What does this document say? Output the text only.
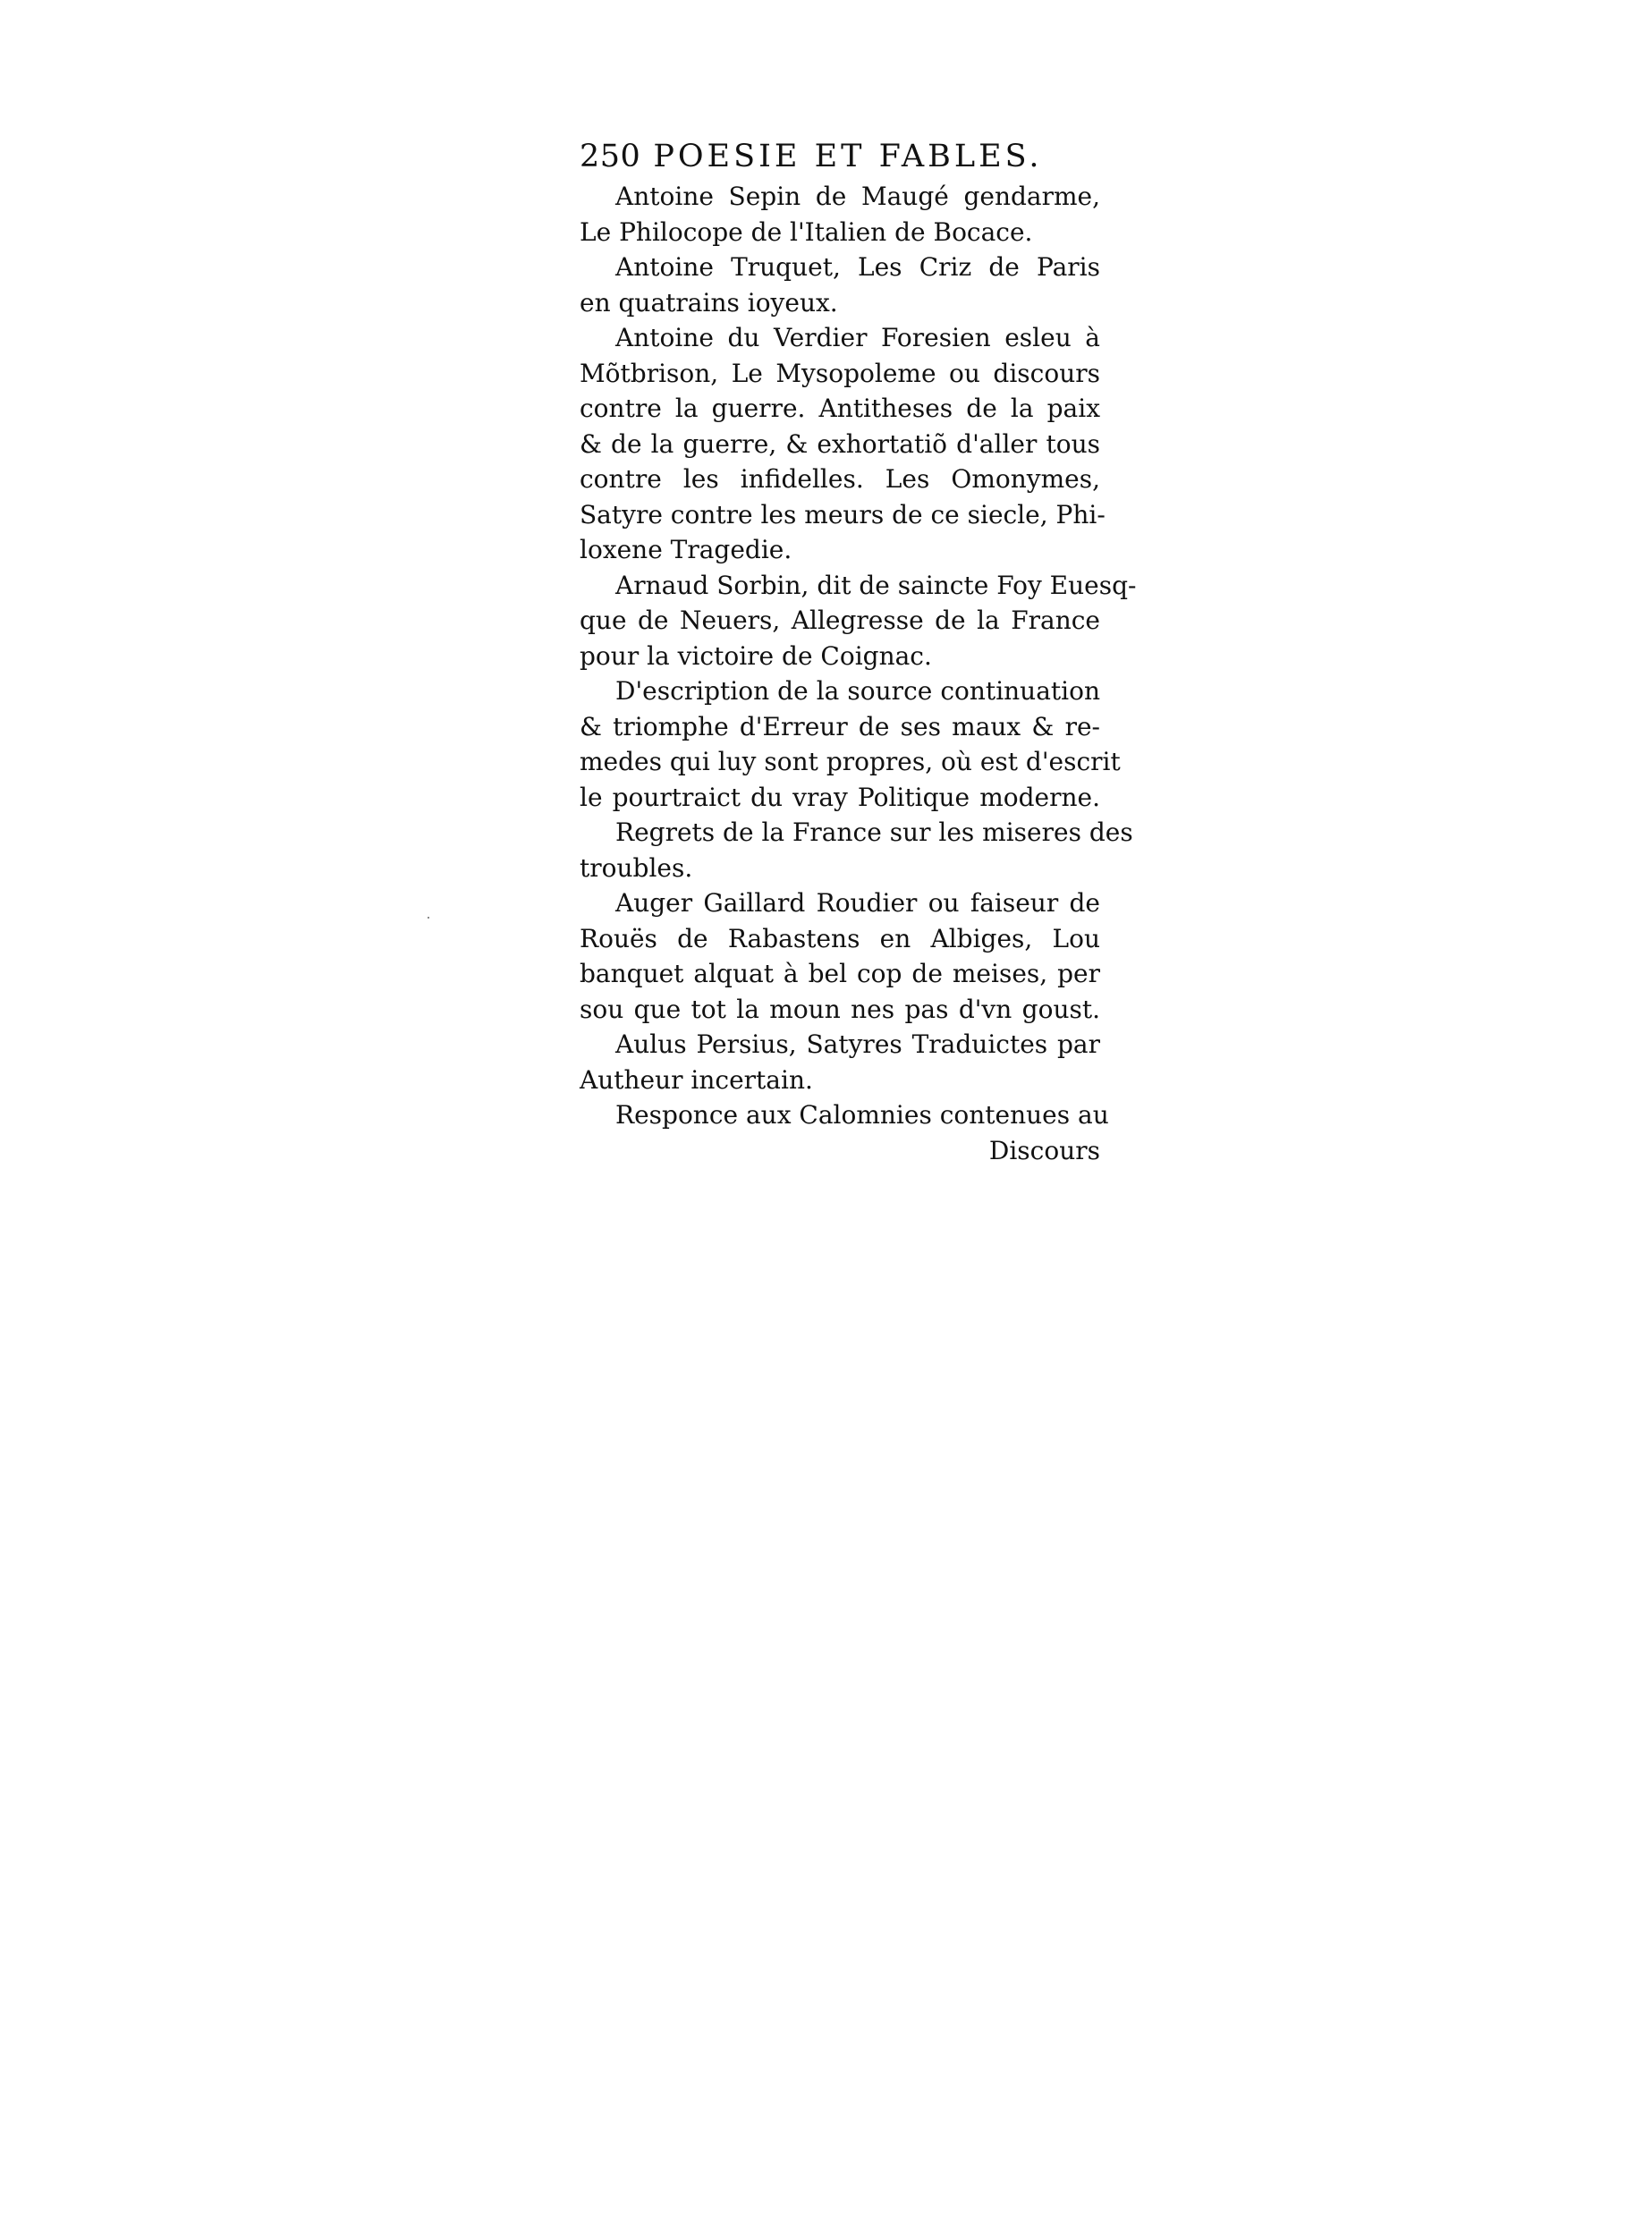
250 POESIE ET FABLES.
Antoine Sepin de Maugé gendarme,
Le Philocope de l'Italien de Bocace.
Antoine Truquet, Les Criz de Paris
en quatrains ioyeux.
Antoine du Verdier Foresien esleu à
Mõtbrison, Le Mysopoleme ou discours
contre la guerre. Antitheses de la paix
& de la guerre, & exhortatiõ d'aller tous
contre les infidelles. Les Omonymes,
Satyre contre les meurs de ce siecle, Phi-
loxene Tragedie.
Arnaud Sorbin, dit de saincte Foy Euesq-
que de Neuers, Allegresse de la France
pour la victoire de Coignac.
D'escription de la source continuation
& triomphe d'Erreur de ses maux & re-
medes qui luy sont propres, où est d'escrit
le pourtraict du vray Politique moderne.
Regrets de la France sur les miseres des
troubles.
Auger Gaillard Roudier ou faiseur de
Rouës de Rabastens en Albiges, Lou
banquet alquat à bel cop de meises, per
sou que tot la moun nes pas d'vn goust.
Aulus Persius, Satyres Traduictes par
Autheur incertain.
Responce aux Calomnies contenues au
Discours
